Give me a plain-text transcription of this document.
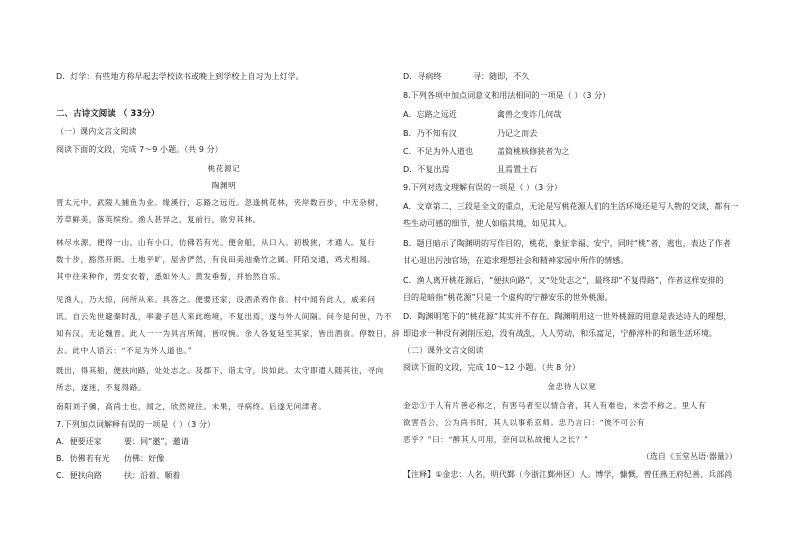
D．灯学：有些地方称早起去学校读书或晚上到学校上自习为上灯学。
二、古诗文阅读 （ 33分）
（一）课内文言文阅读
阅读下面的文段，完成 7～9 小题。（共 9 分）
桃花源记
陶渊明
晋太元中，武陵人捕鱼为业。缘溪行，忘路之远近。忽逢桃花林，夹岸数百步，中无杂树，
芳草鲜美，落英缤纷。渔人甚异之，复前行，欲穷其林。
林尽水源，便得一山，山有小口，仿佛若有光。便舍船，从口入。初极狭，才通人。复行
数十步，豁然开朗。土地平旷，屋舍俨然，有良田美池桑竹之属。阡陌交通，鸡犬相闻。
其中往来种作，男女衣着，悉如外人。黄发垂髫，并怡然自乐。
见渔人，乃大惊，问所从来。具答之。便要还家，设酒杀鸡作食。村中闻有此人，咸来问
讯。自云先世避秦时乱，率妻子邑人来此绝境，不复出焉，遂与外人间隔。问今是何世，乃不
知有汉，无论魏晋。此人一一为具言所闻，皆叹惋。余人各复延至其家，皆出酒食。停数日，辞
去。此中人语云：“不足为外人道也。”
既出，得其船，便扶向路，处处志之。及郡下，诣太守，说如此。太守即遣人随其往，寻向
所志，遂迷，不复得路。
南阳刘子骥，高尚士也，闻之，欣然规往。未果，寻病终。后遂无问津者。
7.下列加点词解释有误的一项是（ ）（3 分）
A．便要还家	要：同“邀”，邀请
B．仿佛若有光 仿佛：好像
C．便扶向路	扶：沿着、顺着
D．寻病终	寻：随即，不久
8.下列各项中加点词意义和用法相同的一项是（ ）（3 分）
A．忘路之远近	禽兽之变诈几何哉
B．乃不知有汉	乃记之而去
C．不足为外人道也	盖简桃核修狭者为之
D．不复出焉	且焉置土石
9.下列对选文理解有误的一项是（ ）（3 分）
A．文章第二、三段是全文的重点，无论是写桃花源人们的生活环境还是写人物的交谈，都有一
些生动可感的细节，使人如临其境，如见其人。
B．题目暗示了陶渊明的写作目的，桃花，象征幸福、安宁，同时“桃”者，逃也，表达了作者
甘心退出污浊官场，在追求理想社会和精神家园中所作的情感。
C．渔人离开桃花源后，“便扶向路”，又“处处志之”，最终却“不复得路”，作者这样安排的
目的是暗指“桃花源”只是一个虚构的宁静安乐的世外桃源。
D．陶渊明笔下的“桃花源”其实并不存在。陶渊明用这一世外桃源的用意是表达诗人的理想，
即追求一种没有剥削压迫，没有战乱，人人劳动，和乐富足，宁静淳朴的和谐生活环境。
（二）课外文言文阅读
阅读下面的文段，完成 10～12 小题。（共 8 分）
金忠待人以宽
金忠①于人有片善必称之，有害马者至以情合者，其人有难也，未尝不称之。里人有
欲害吾公，公为尚书时，其人以事系京师。忠乃言曰：“彼不可公有
恶乎？”曰：“醉其人可用，奈何以私故掩人之长？”
（选自《玉堂丛语·器量》）
【注释】①金忠：人名，明代鄞（今浙江鄞州区）人。博学，慷慨，曾任燕王府纪善、兵部尚
